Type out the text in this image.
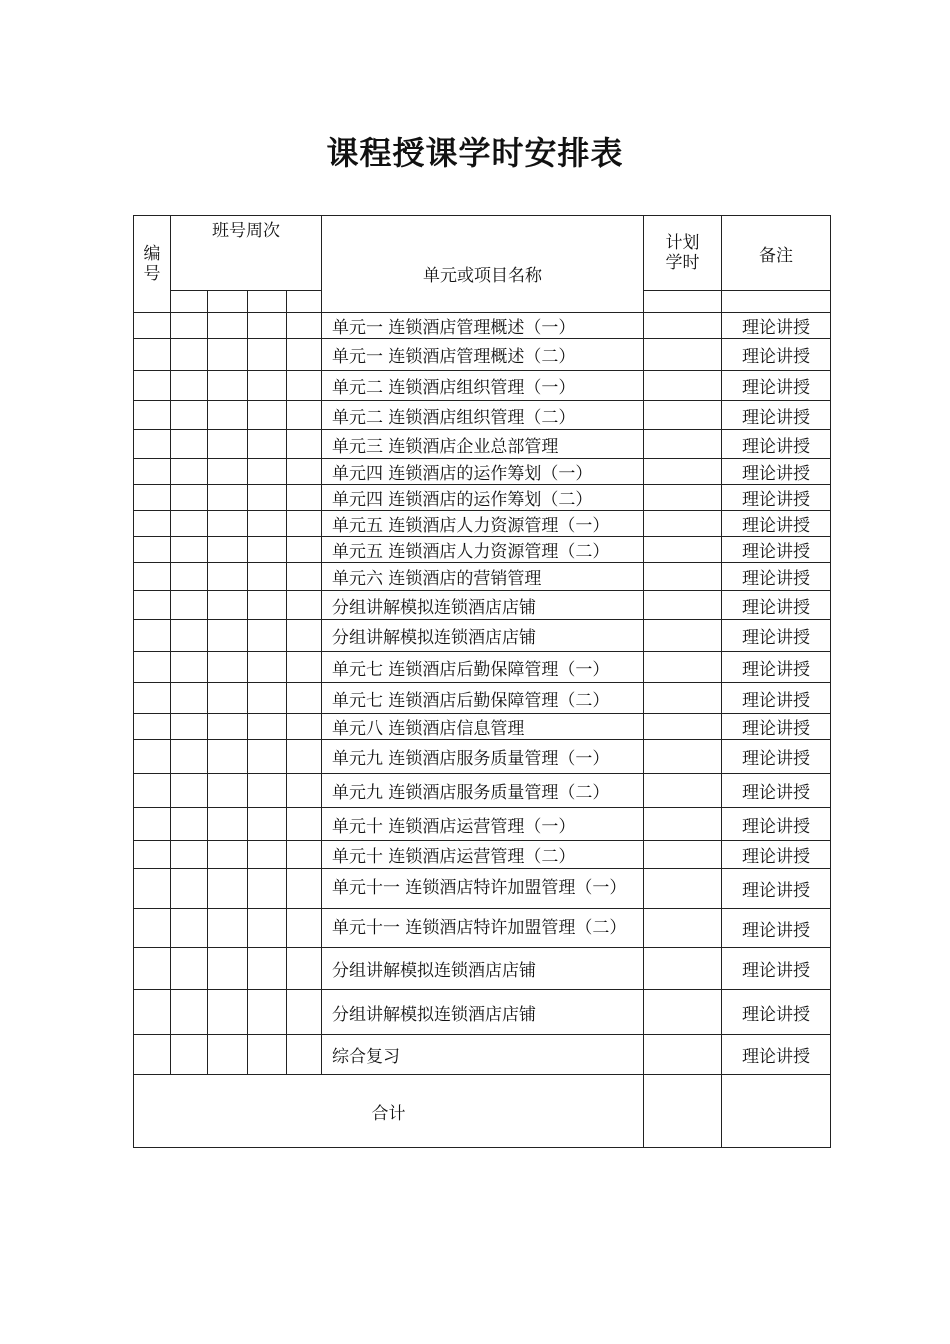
课程授课学时安排表
编号	班号周次				单元或项目名称	计划学时	备注

					单元一 连锁酒店管理概述（一）		理论讲授
					单元一 连锁酒店管理概述（二）		理论讲授
					单元二 连锁酒店组织管理（一）		理论讲授
					单元二 连锁酒店组织管理（二）		理论讲授
					单元三 连锁酒店企业总部管理		理论讲授
					单元四 连锁酒店的运作筹划（一）		理论讲授
					单元四 连锁酒店的运作筹划（二）		理论讲授
					单元五 连锁酒店人力资源管理（一）		理论讲授
					单元五 连锁酒店人力资源管理（二）		理论讲授
					单元六 连锁酒店的营销管理		理论讲授
					分组讲解模拟连锁酒店店铺		理论讲授
					分组讲解模拟连锁酒店店铺		理论讲授
					单元七 连锁酒店后勤保障管理（一）		理论讲授
					单元七 连锁酒店后勤保障管理（二）		理论讲授
					单元八 连锁酒店信息管理		理论讲授
					单元九 连锁酒店服务质量管理（一）		理论讲授
					单元九 连锁酒店服务质量管理（二）		理论讲授
					单元十 连锁酒店运营管理（一）		理论讲授
					单元十 连锁酒店运营管理（二）		理论讲授
					单元十一 连锁酒店特许加盟管理（一）		理论讲授
					单元十一 连锁酒店特许加盟管理（二）		理论讲授
					分组讲解模拟连锁酒店店铺		理论讲授
					分组讲解模拟连锁酒店店铺		理论讲授
					综合复习		理论讲授
合计							
